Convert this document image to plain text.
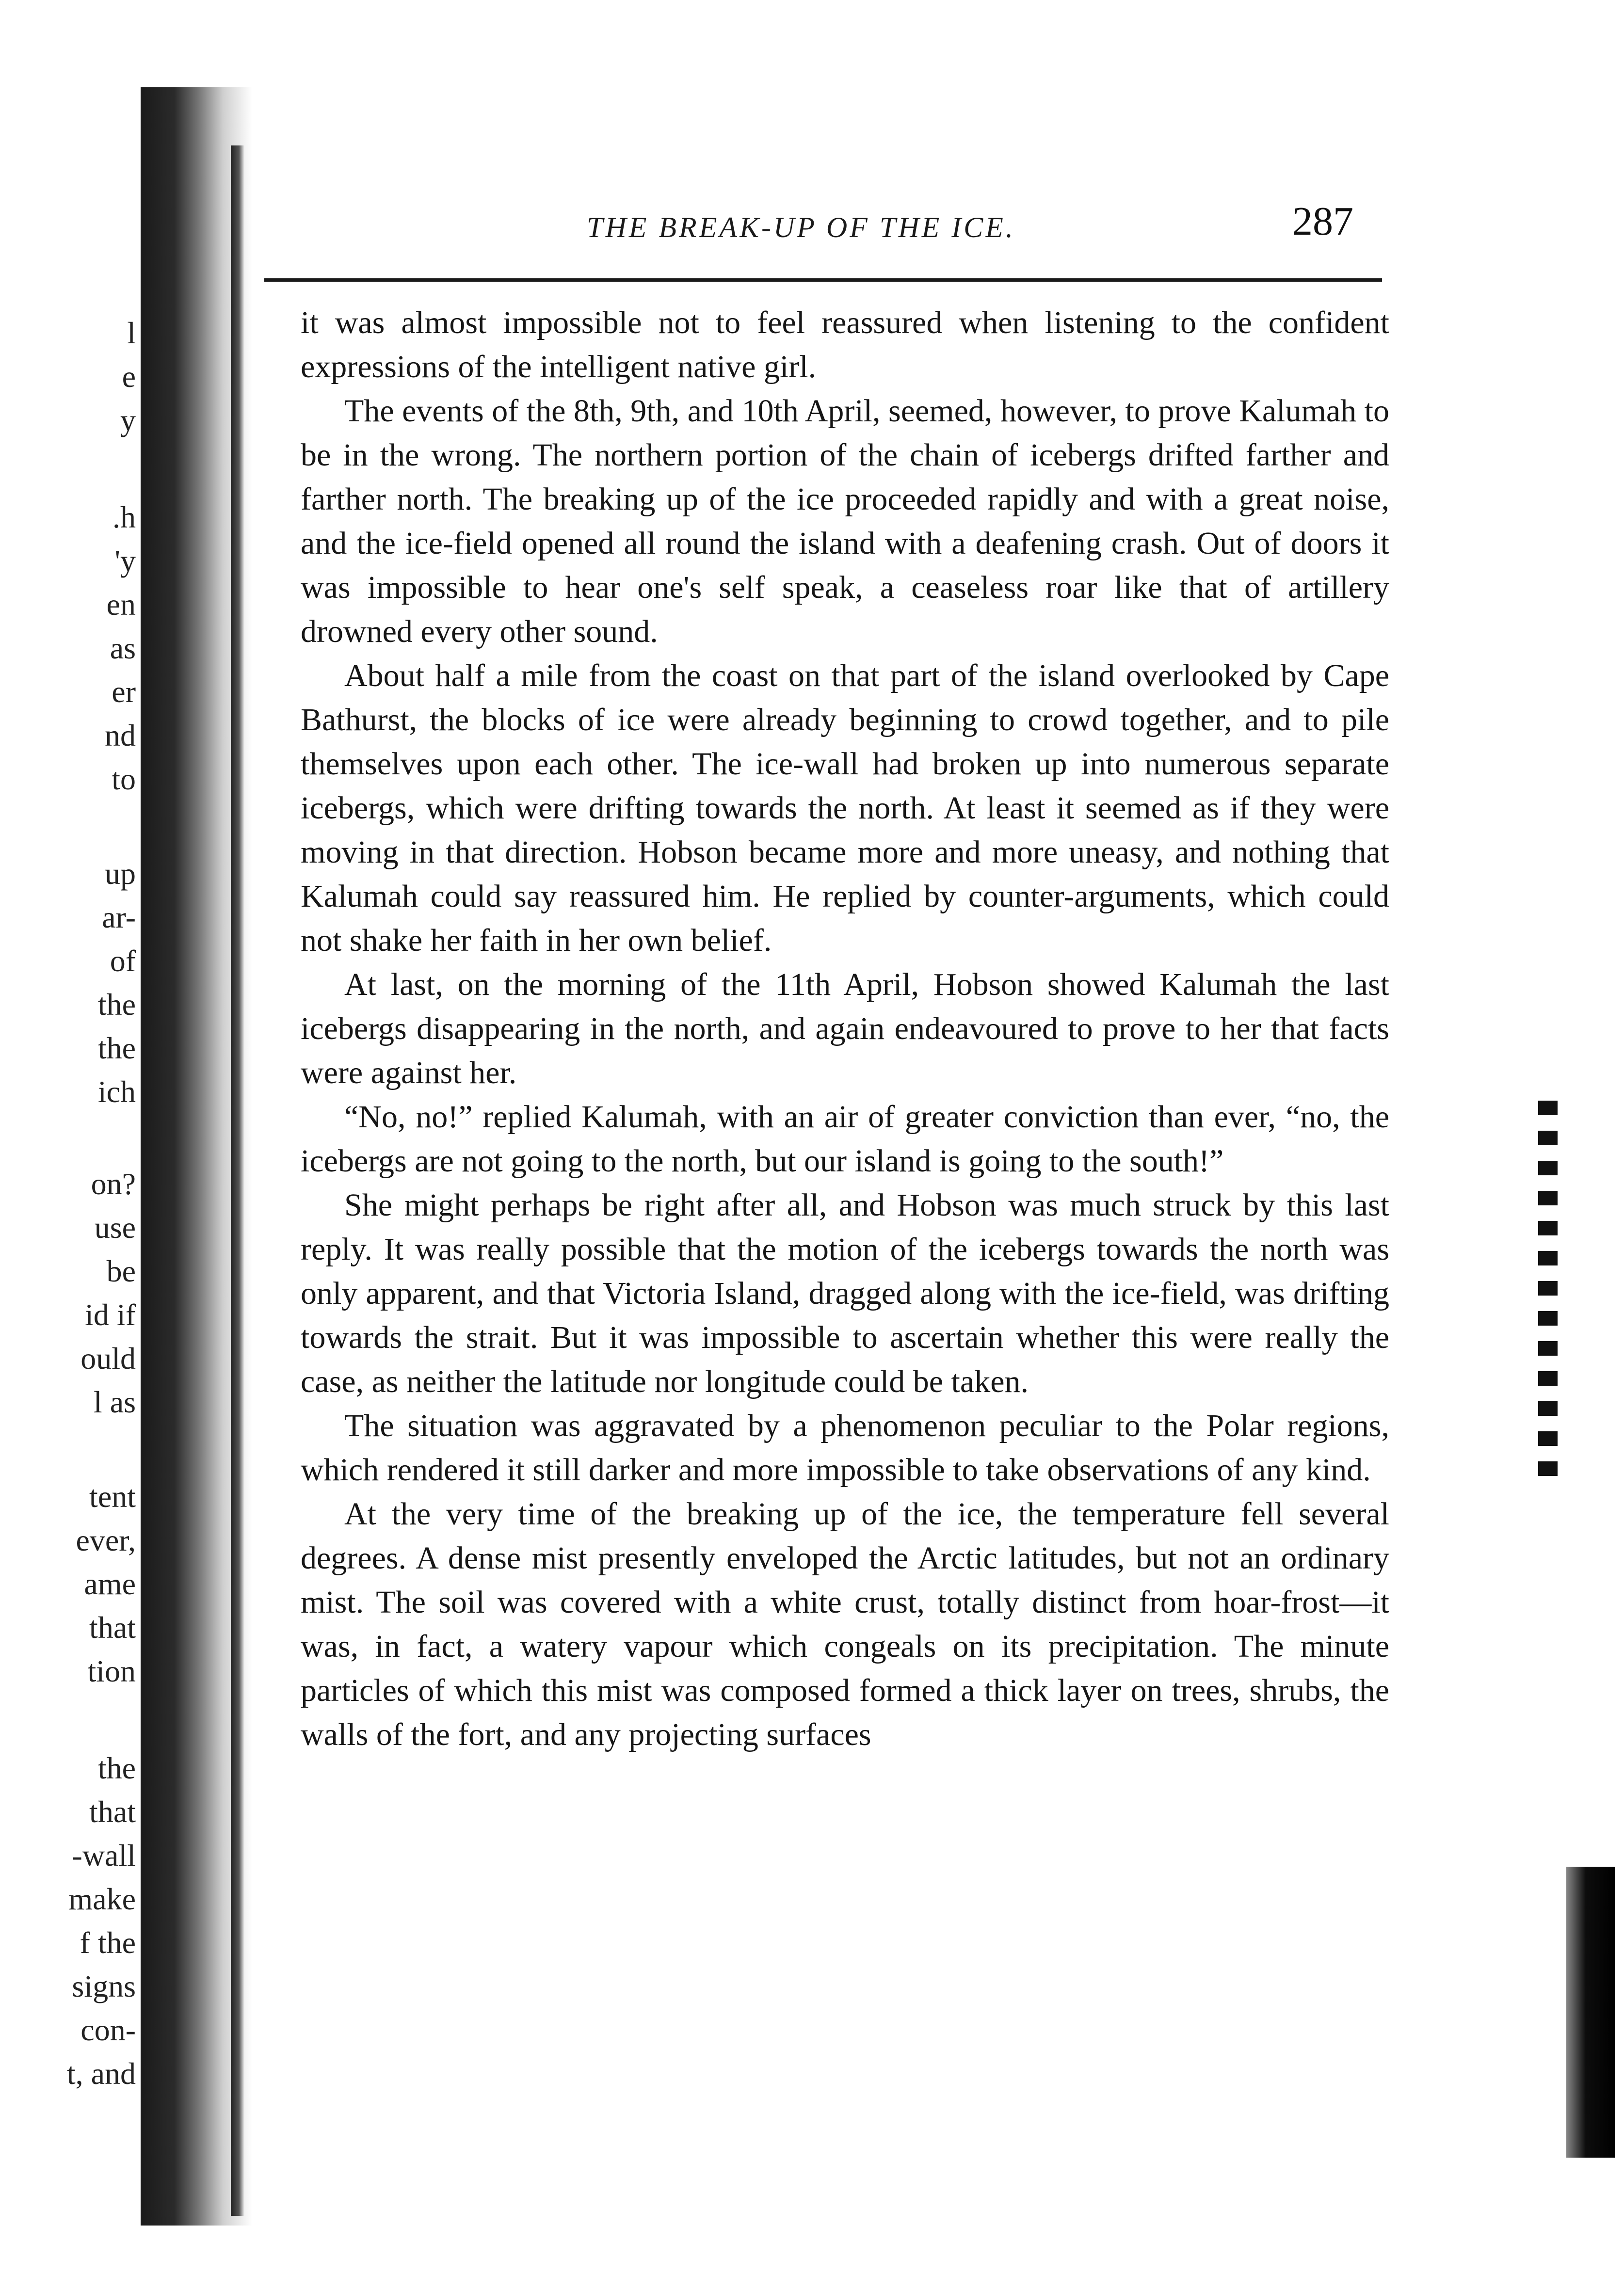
l
e
y
.h
'y
en
as
er
nd
to
up
ar-
of
the
the
ich
on?
use
be
id if
ould
l as
tent
ever,
ame
that
tion
the
that
-wall
make
f the
signs
con-
t, and
THE BREAK-UP OF THE ICE.	287

it was almost impossible not to feel reassured when listening to the confident expressions of the intelligent native girl.

The events of the 8th, 9th, and 10th April, seemed, however, to prove Kalumah to be in the wrong. The northern portion of the chain of icebergs drifted farther and farther north. The breaking up of the ice proceeded rapidly and with a great noise, and the ice-field opened all round the island with a deafening crash. Out of doors it was impossible to hear one's self speak, a ceaseless roar like that of artillery drowned every other sound.

About half a mile from the coast on that part of the island overlooked by Cape Bathurst, the blocks of ice were already beginning to crowd together, and to pile themselves upon each other. The ice-wall had broken up into numerous separate icebergs, which were drifting towards the north. At least it seemed as if they were moving in that direction. Hobson became more and more uneasy, and nothing that Kalumah could say reassured him. He replied by counter-arguments, which could not shake her faith in her own belief.

At last, on the morning of the 11th April, Hobson showed Kalumah the last icebergs disappearing in the north, and again endeavoured to prove to her that facts were against her.

“No, no!” replied Kalumah, with an air of greater conviction than ever, “no, the icebergs are not going to the north, but our island is going to the south!”

She might perhaps be right after all, and Hobson was much struck by this last reply. It was really possible that the motion of the icebergs towards the north was only apparent, and that Victoria Island, dragged along with the ice-field, was drifting towards the strait. But it was impossible to ascertain whether this were really the case, as neither the latitude nor longitude could be taken.

The situation was aggravated by a phenomenon peculiar to the Polar regions, which rendered it still darker and more impossible to take observations of any kind.

At the very time of the breaking up of the ice, the temperature fell several degrees. A dense mist presently enveloped the Arctic latitudes, but not an ordinary mist. The soil was covered with a white crust, totally distinct from hoar-frost—it was, in fact, a watery vapour which congeals on its precipitation. The minute particles of which this mist was composed formed a thick layer on trees, shrubs, the walls of the fort, and any projecting surfaces
